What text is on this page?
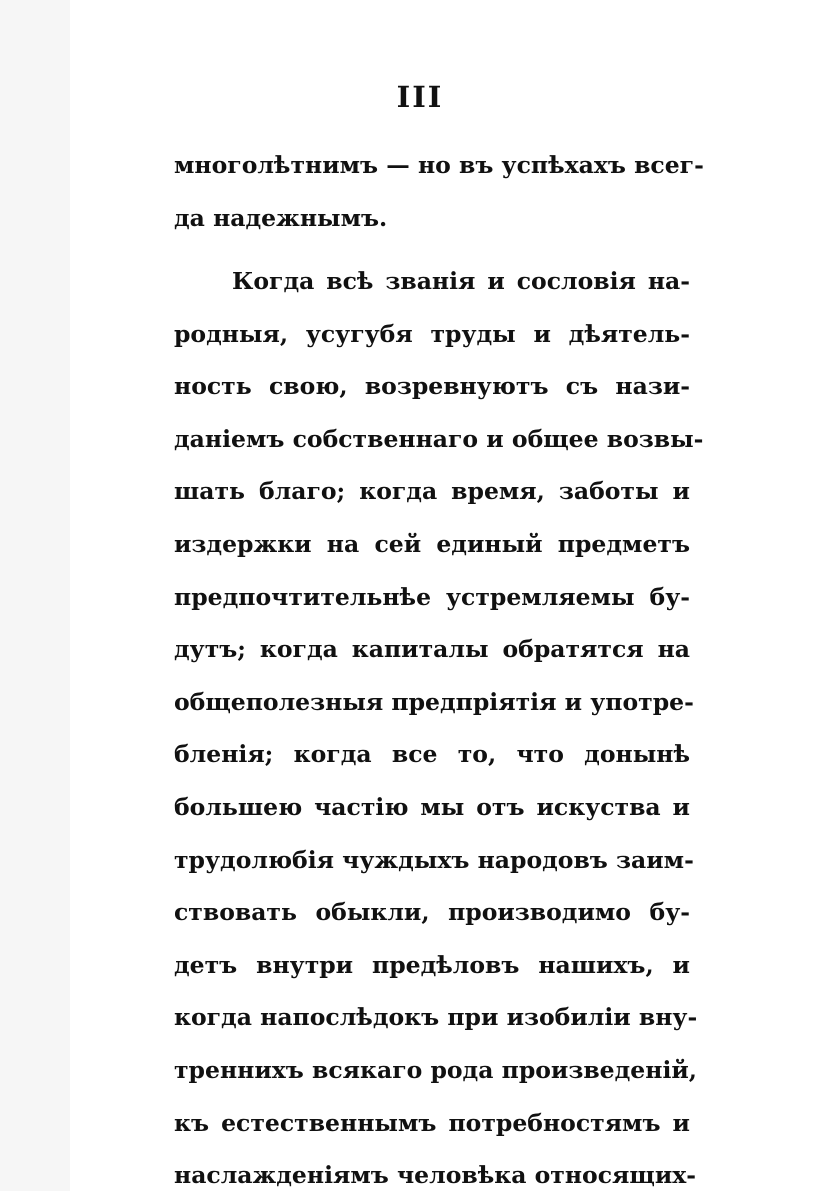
III
многолѣтнимъ — но въ успѣхахъ всег-
да надежнымъ.
Когда всѣ званія и сословія на-
родныя, усугубя труды и дѣятель-
ность свою, возревнуютъ съ нази-
даніемъ собственнаго и общее возвы-
шать благо; когда время, заботы и
издержки на сей единый предметъ
предпочтительнѣе устремляемы бу-
дутъ; когда капиталы обратятся на
общеполезныя предпріятія и употре-
бленія; когда все то, что донынѣ
большею частію мы отъ искуства и
трудолюбія чуждыхъ народовъ заим-
ствовать обыкли, производимо бу-
детъ внутри предѣловъ нашихъ, и
когда напослѣдокъ при изобиліи вну-
треннихъ всякаго рода произведеній,
къ естественнымъ потребностямъ и
наслажденіямъ человѣка относящих-
